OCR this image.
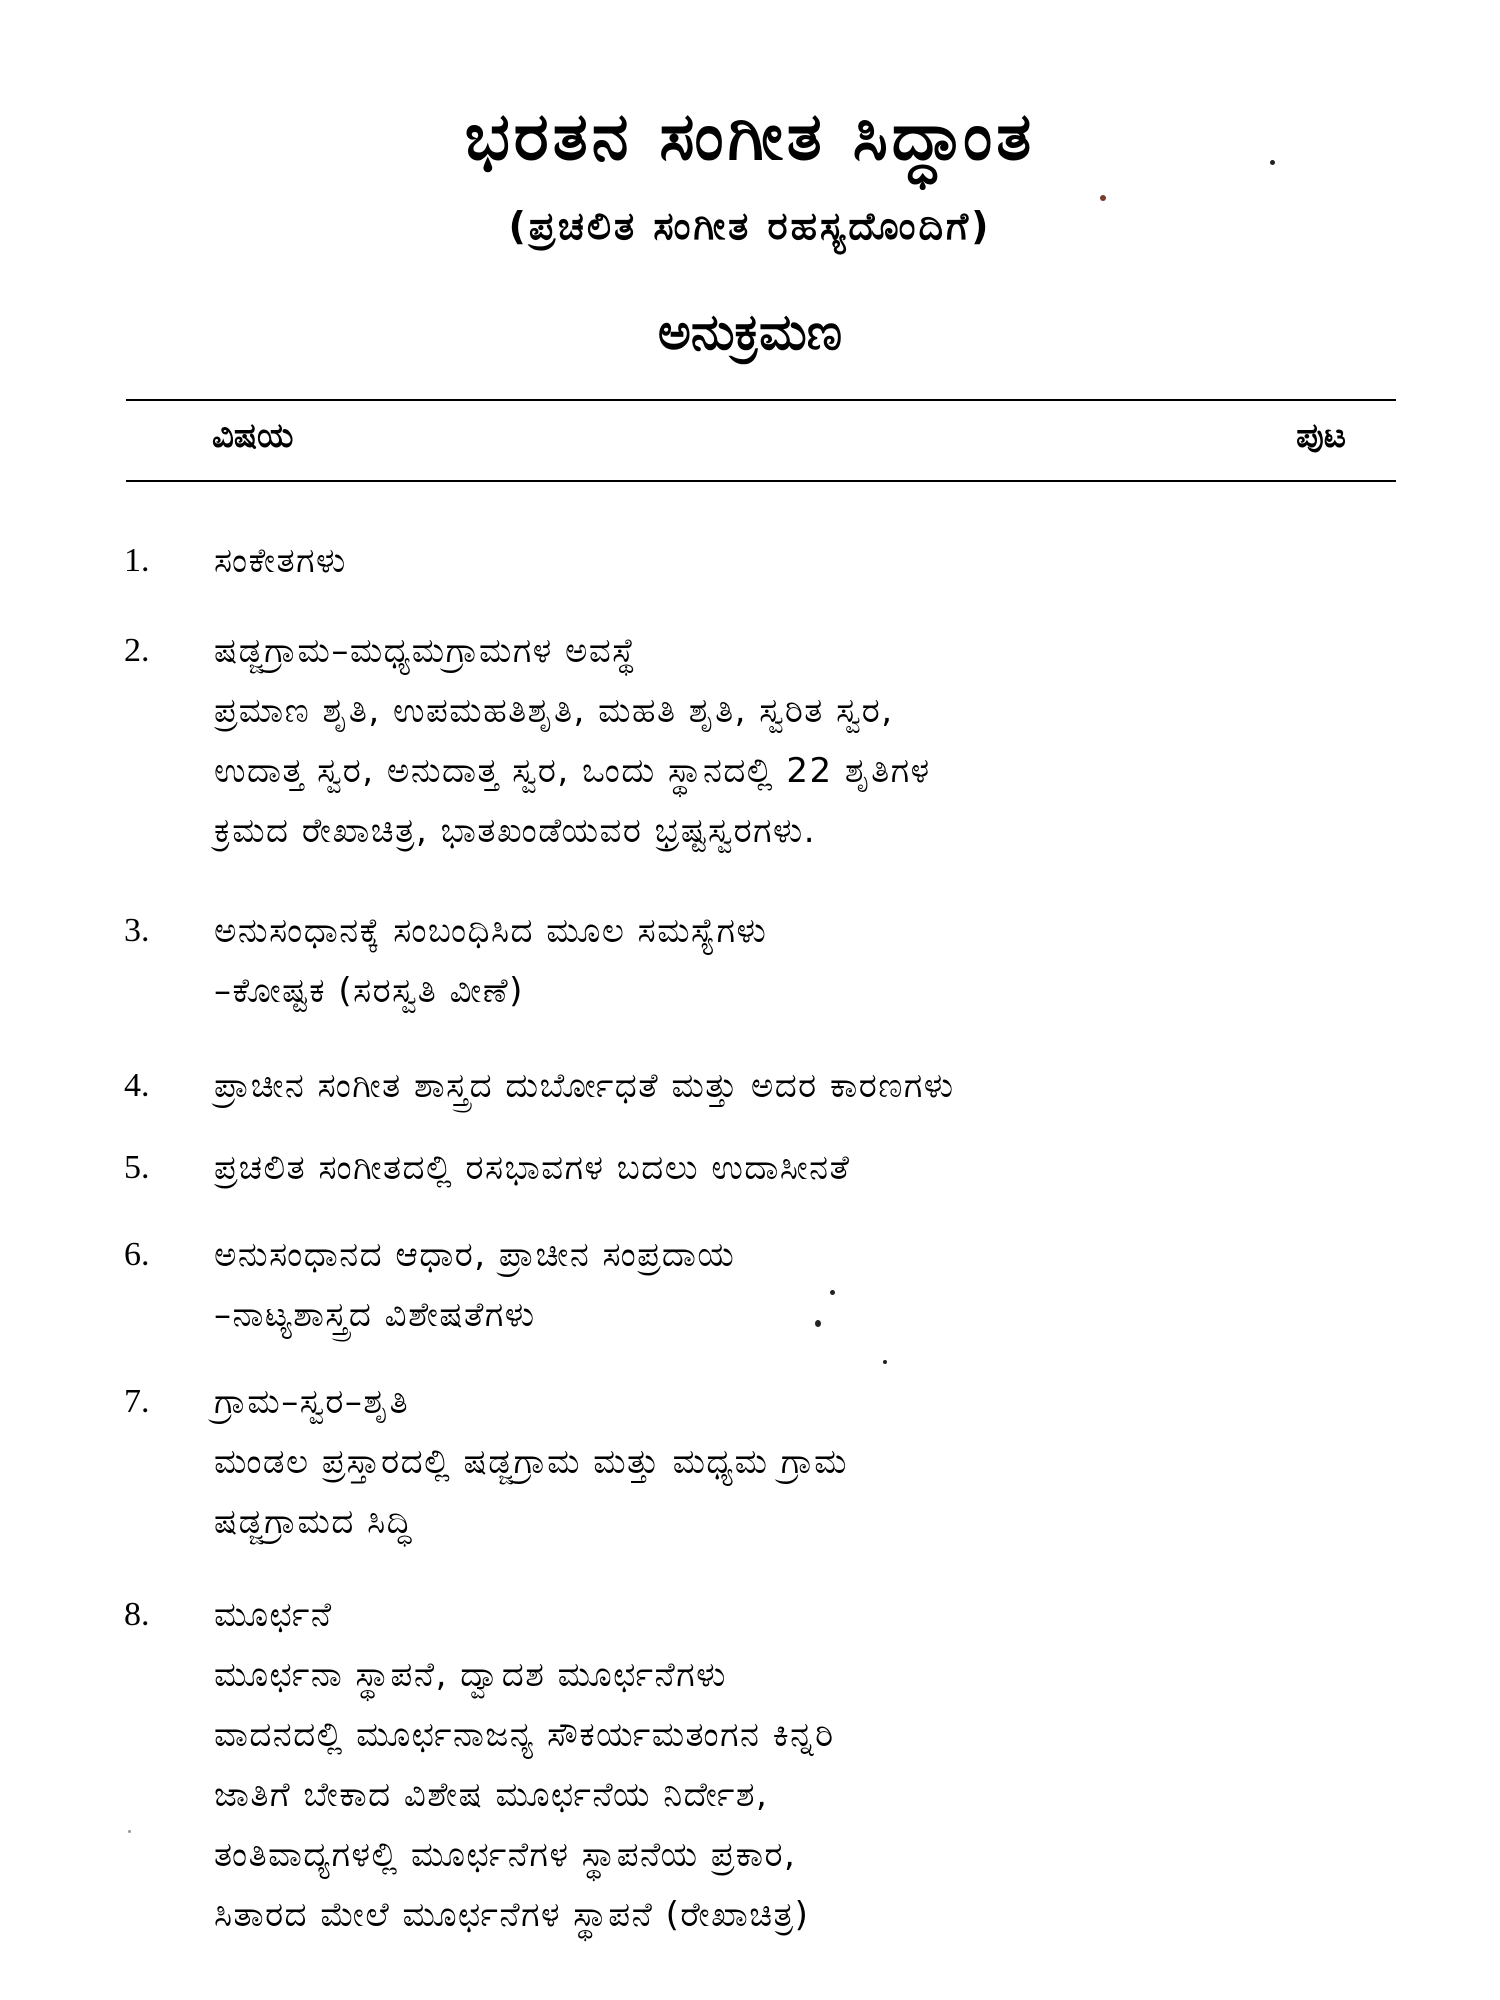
ಭರತನ ಸಂಗೀತ ಸಿದ್ಧಾಂತ
(ಪ್ರಚಲಿತ ಸಂಗೀತ ರಹಸ್ಯದೊಂದಿಗೆ)
ಅನುಕ್ರಮಣ
ವಿಷಯ	ಪುಟ
1. ಸಂಕೇತಗಳು
2. ಷಡ್ಜಗ್ರಾಮ–ಮಧ್ಯಮಗ್ರಾಮಗಳ ಅವಸ್ಥೆ
ಪ್ರಮಾಣ ಶೃತಿ, ಉಪಮಹತಿಶೃತಿ, ಮಹತಿ ಶೃತಿ, ಸ್ವರಿತ ಸ್ವರ,
ಉದಾತ್ತ ಸ್ವರ, ಅನುದಾತ್ತ ಸ್ವರ, ಒಂದು ಸ್ಥಾನದಲ್ಲಿ 22 ಶೃತಿಗಳ
ಕ್ರಮದ ರೇಖಾಚಿತ್ರ, ಭಾತಖಂಡೆಯವರ ಭ್ರಷ್ಟಸ್ವರಗಳು.
3. ಅನುಸಂಧಾನಕ್ಕೆ ಸಂಬಂಧಿಸಿದ ಮೂಲ ಸಮಸ್ಯೆಗಳು
–ಕೋಷ್ಟಕ (ಸರಸ್ವತಿ ವೀಣೆ)
4. ಪ್ರಾಚೀನ ಸಂಗೀತ ಶಾಸ್ತ್ರದ ದುರ್ಬೋಧತೆ ಮತ್ತು ಅದರ ಕಾರಣಗಳು
5. ಪ್ರಚಲಿತ ಸಂಗೀತದಲ್ಲಿ ರಸಭಾವಗಳ ಬದಲು ಉದಾಸೀನತೆ
6. ಅನುಸಂಧಾನದ ಆಧಾರ, ಪ್ರಾಚೀನ ಸಂಪ್ರದಾಯ
–ನಾಟ್ಯಶಾಸ್ತ್ರದ ವಿಶೇಷತೆಗಳು
7. ಗ್ರಾಮ–ಸ್ವರ–ಶೃತಿ
ಮಂಡಲ ಪ್ರಸ್ತಾರದಲ್ಲಿ ಷಡ್ಜಗ್ರಾಮ ಮತ್ತು ಮಧ್ಯಮ ಗ್ರಾಮ
ಷಡ್ಜಗ್ರಾಮದ ಸಿದ್ಧಿ
8. ಮೂರ್ಛನೆ
ಮೂರ್ಛನಾ ಸ್ಥಾಪನೆ, ದ್ವಾದಶ ಮೂರ್ಛನೆಗಳು
ವಾದನದಲ್ಲಿ ಮೂರ್ಛನಾಜನ್ಯ ಸೌಕರ್ಯಮತಂಗನ ಕಿನ್ನರಿ
ಜಾತಿಗೆ ಬೇಕಾದ ವಿಶೇಷ ಮೂರ್ಛನೆಯ ನಿರ್ದೇಶ,
ತಂತಿವಾದ್ಯಗಳಲ್ಲಿ ಮೂರ್ಛನೆಗಳ ಸ್ಥಾಪನೆಯ ಪ್ರಕಾರ,
ಸಿತಾರದ ಮೇಲೆ ಮೂರ್ಛನೆಗಳ ಸ್ಥಾಪನೆ (ರೇಖಾಚಿತ್ರ)
